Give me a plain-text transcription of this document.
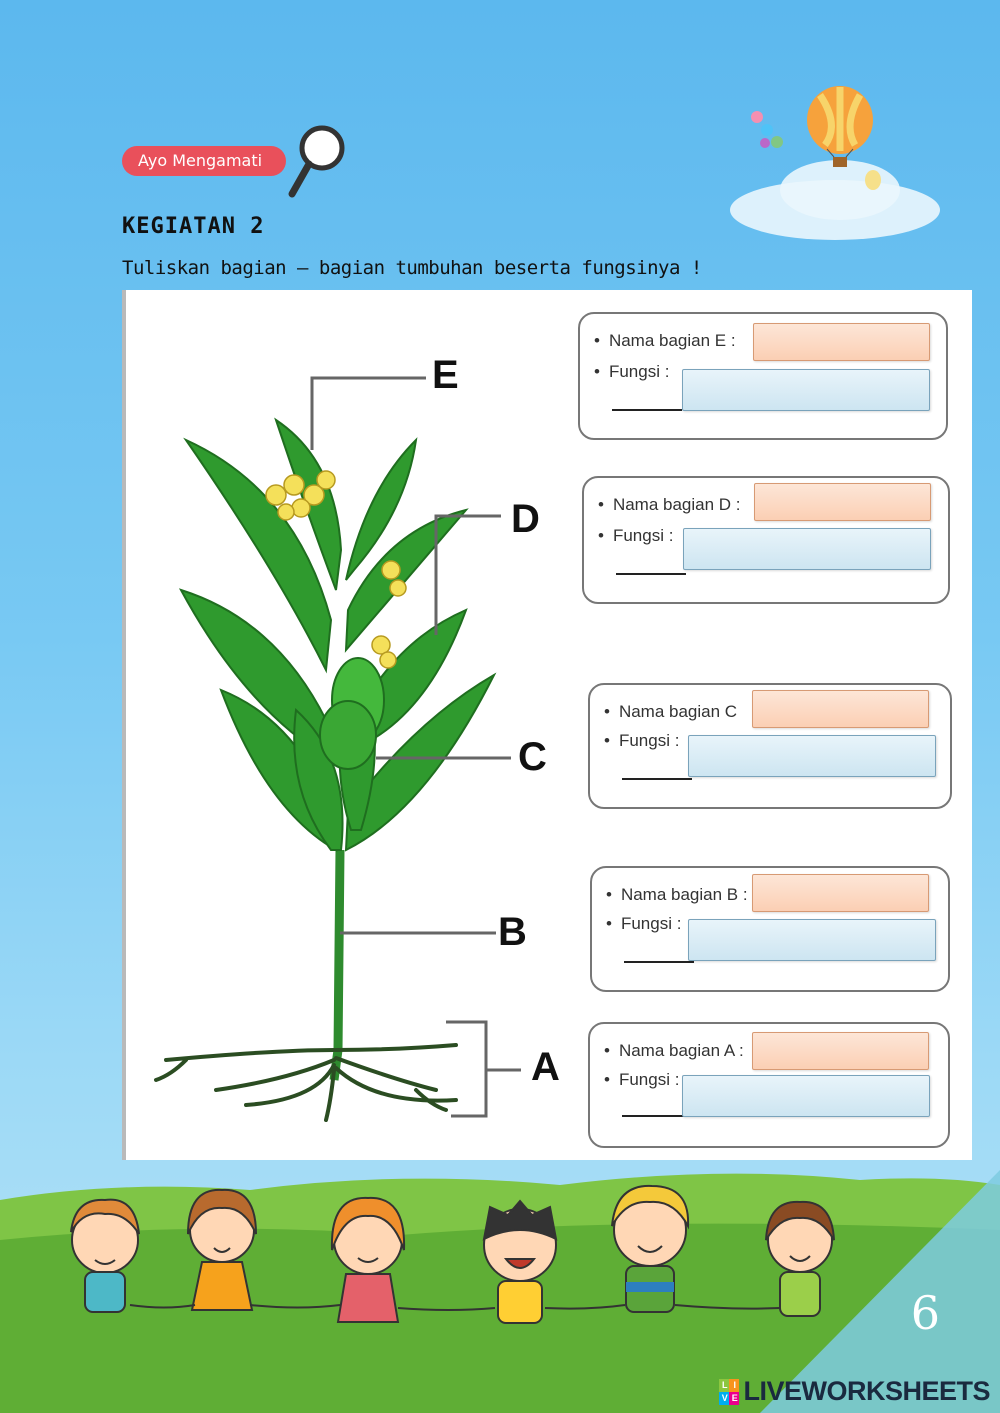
Ayo Mengamati
KEGIATAN 2
Tuliskan bagian – bagian tumbuhan beserta fungsinya !
E
D
C
B
A
• Nama bagian E :
• Fungsi :
• Nama bagian D :
• Fungsi :
• Nama bagian C
• Fungsi :
• Nama bagian B :
• Fungsi :
• Nama bagian A :
• Fungsi :
6
L I
V E LIVEWORKSHEETS
